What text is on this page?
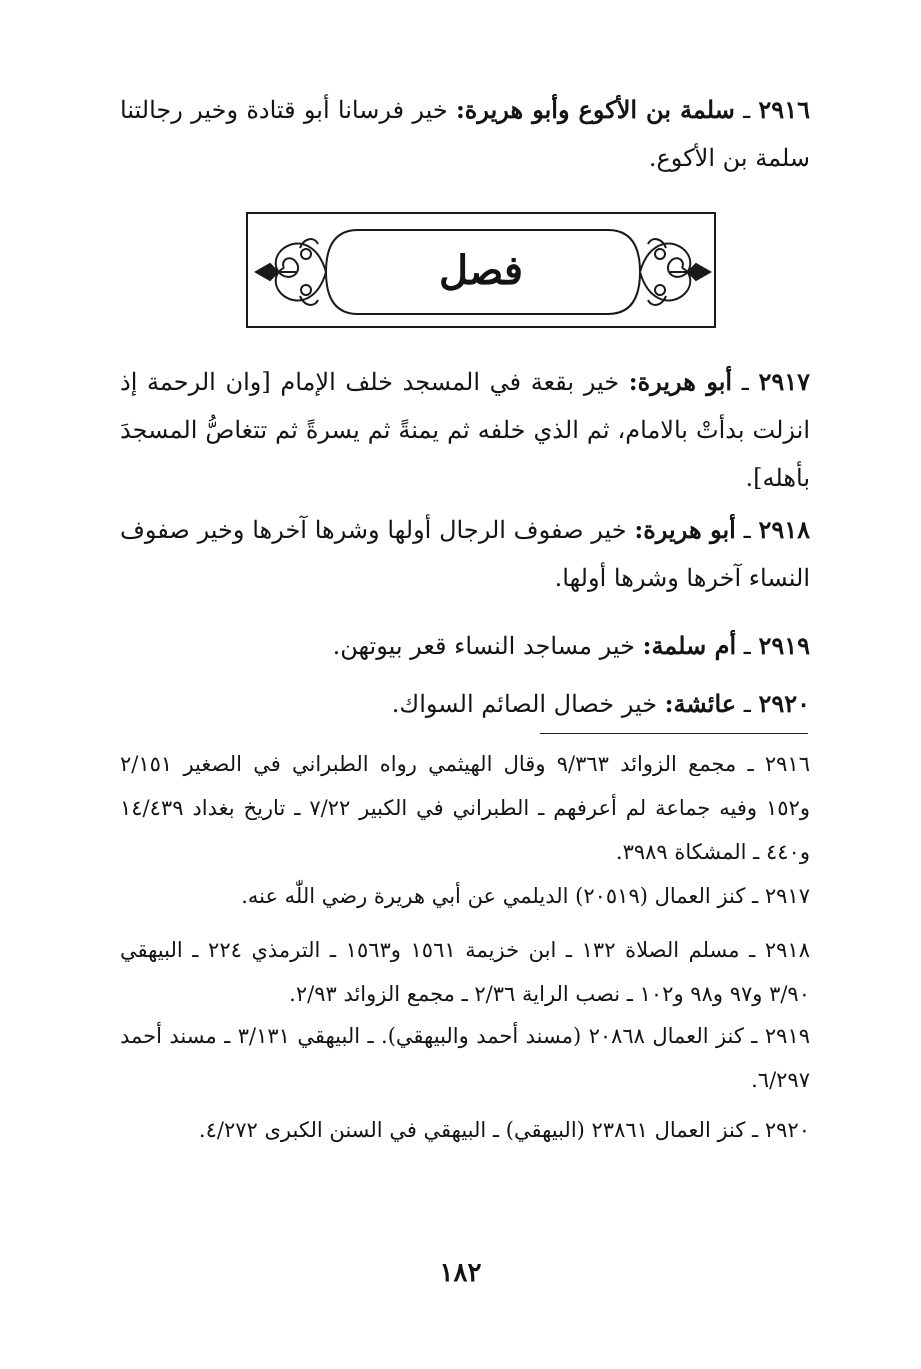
٢٩١٦ ـ سلمة بن الأكوع وأبو هريرة: خير فرسانا أبو قتادة وخير رجالتنا سلمة بن الأكوع.
فصل
٢٩١٧ ـ أبو هريرة: خير بقعة في المسجد خلف الإمام [وان الرحمة إذ انزلت بدأتْ بالامام، ثم الذي خلفه ثم يمنةً ثم يسرةً ثم تتغاصُّ المسجدَ بأهله].
٢٩١٨ ـ أبو هريرة: خير صفوف الرجال أولها وشرها آخرها وخير صفوف النساء آخرها وشرها أولها.
٢٩١٩ ـ أم سلمة: خير مساجد النساء قعر بيوتهن.
٢٩٢٠ ـ عائشة: خير خصال الصائم السواك.
٢٩١٦ ـ مجمع الزوائد ٩/٣٦٣ وقال الهيثمي رواه الطبراني في الصغير ٢/١٥١ و١٥٢ وفيه جماعة لم أعرفهم ـ الطبراني في الكبير ٧/٢٢ ـ تاريخ بغداد ١٤/٤٣٩ و٤٤٠ ـ المشكاة ٣٩٨٩.
٢٩١٧ ـ كنز العمال (٢٠٥١٩) الديلمي عن أبي هريرة رضي اللّٰه عنه.
٢٩١٨ ـ مسلم الصلاة ١٣٢ ـ ابن خزيمة ١٥٦١ و١٥٦٣ ـ الترمذي ٢٢٤ ـ البيهقي ٣/٩٠ و٩٧ و٩٨ و١٠٢ ـ نصب الراية ٢/٣٦ ـ مجمع الزوائد ٢/٩٣.
٢٩١٩ ـ كنز العمال ٢٠٨٦٨ (مسند أحمد والبيهقي). ـ البيهقي ٣/١٣١ ـ مسند أحمد ٦/٢٩٧.
٢٩٢٠ ـ كنز العمال ٢٣٨٦١ (البيهقي) ـ البيهقي في السنن الكبرى ٤/٢٧٢.
١٨٢
